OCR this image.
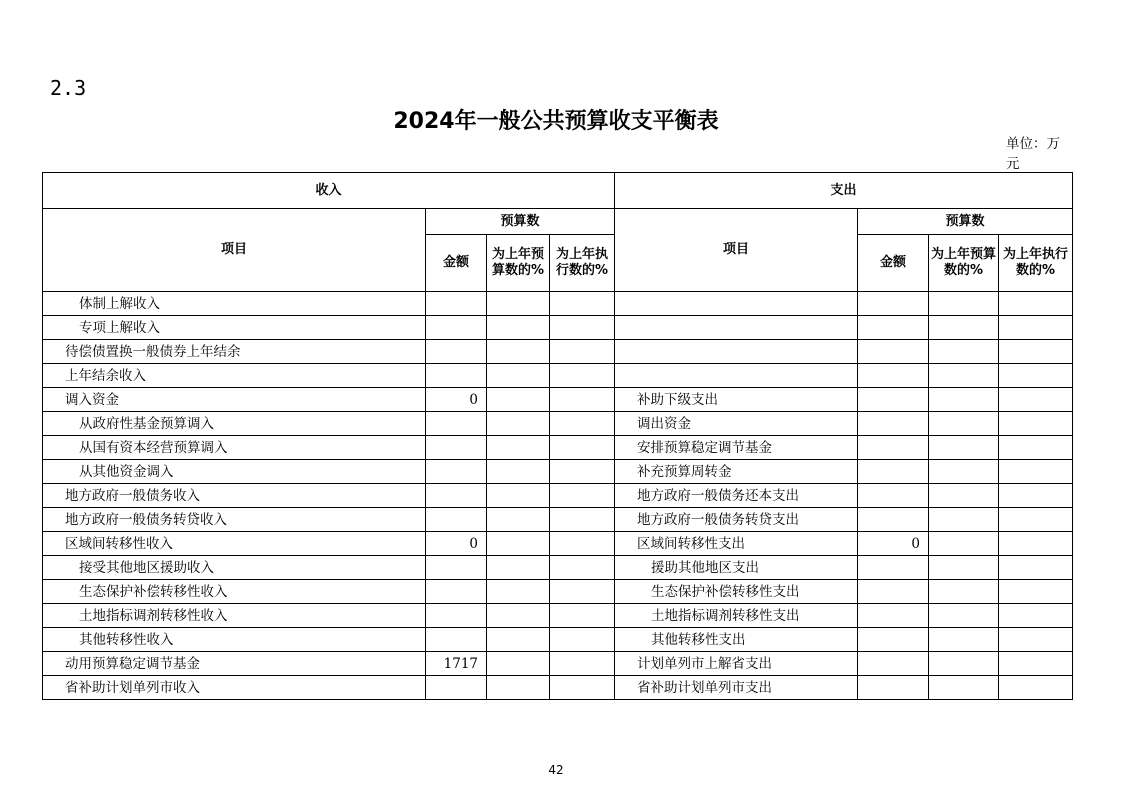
2.3
2024年一般公共预算收支平衡表
单位：万元
收入				支出			
项目	预算数			项目	预算数		
	金额	为上年预算数的%	为上年执行数的%		金额	为上年预算数的%	为上年执行数的%
体制上解收入							
专项上解收入							
待偿债置换一般债券上年结余							
上年结余收入							
调入资金	0			补助下级支出			
从政府性基金预算调入				调出资金			
从国有资本经营预算调入				安排预算稳定调节基金			
从其他资金调入				补充预算周转金			
地方政府一般债务收入				地方政府一般债务还本支出			
地方政府一般债务转贷收入				地方政府一般债务转贷支出			
区域间转移性收入	0			区域间转移性支出	0		
接受其他地区援助收入				援助其他地区支出			
生态保护补偿转移性收入				生态保护补偿转移性支出			
土地指标调剂转移性收入				土地指标调剂转移性支出			
其他转移性收入				其他转移性支出			
动用预算稳定调节基金	1717			计划单列市上解省支出			
省补助计划单列市收入				省补助计划单列市支出			
42
